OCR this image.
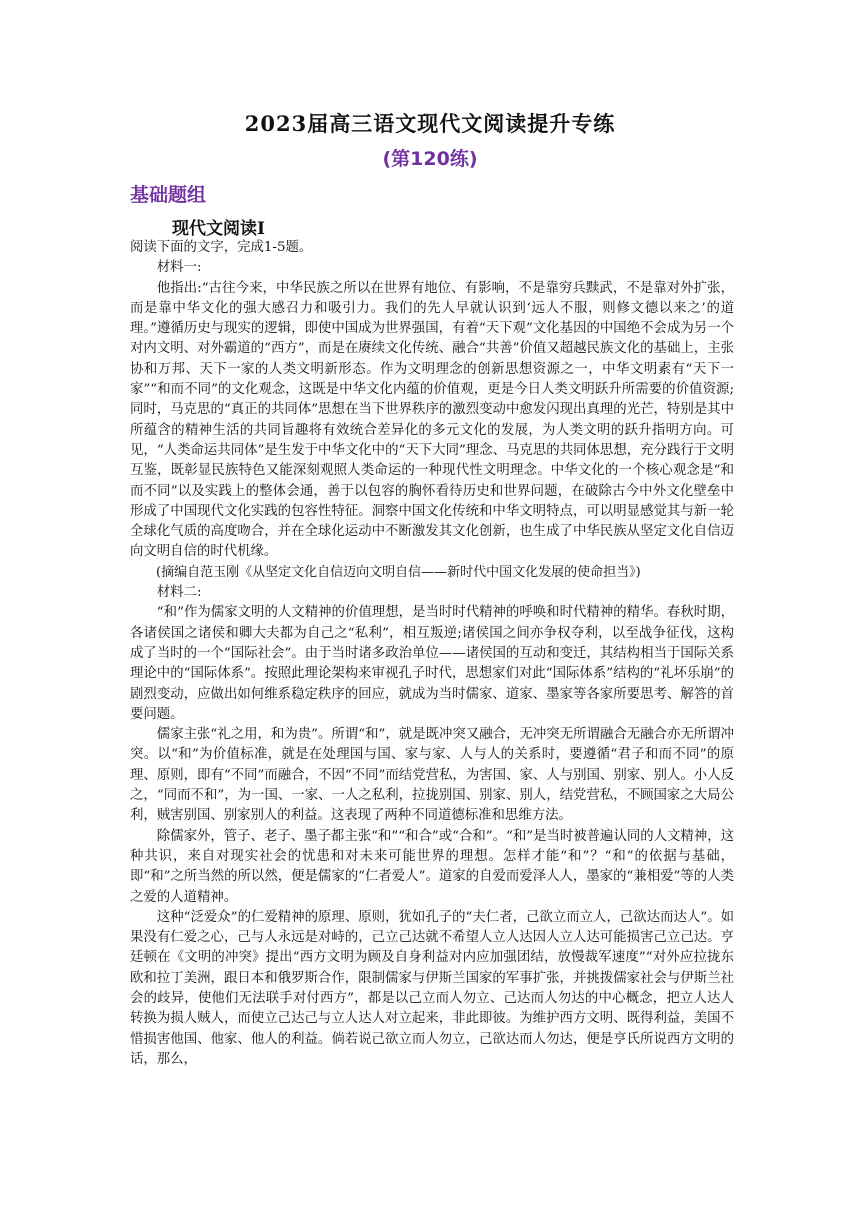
2023届高三语文现代文阅读提升专练
(第120练)
基础题组
现代文阅读Ⅰ

阅读下面的文字，完成1-5题。

材料一:

他指出:“古往今来，中华民族之所以在世界有地位、有影响，不是靠穷兵黩武，不是靠对外扩张，而是靠中华文化的强大感召力和吸引力。我们的先人早就认识到‘远人不服，则修文德以来之’的道理。”遵循历史与现实的逻辑，即使中国成为世界强国，有着“天下观”文化基因的中国绝不会成为另一个对内文明、对外霸道的“西方”，而是在赓续文化传统、融合“共善”价值又超越民族文化的基础上，主张协和万邦、天下一家的人类文明新形态。作为文明理念的创新思想资源之一，中华文明素有“天下一家”“和而不同”的文化观念，这既是中华文化内蕴的价值观，更是今日人类文明跃升所需要的价值资源;同时，马克思的“真正的共同体”思想在当下世界秩序的激烈变动中愈发闪现出真理的光芒，特别是其中所蕴含的精神生活的共同旨趣将有效统合差异化的多元文化的发展，为人类文明的跃升指明方向。可见，“人类命运共同体”是生发于中华文化中的“天下大同”理念、马克思的共同体思想，充分践行于文明互鉴，既彰显民族特色又能深刻观照人类命运的一种现代性文明理念。中华文化的一个核心观念是“和而不同”以及实践上的整体会通，善于以包容的胸怀看待历史和世界问题，在破除古今中外文化壁垒中形成了中国现代文化实践的包容性特征。洞察中国文化传统和中华文明特点，可以明显感觉其与新一轮全球化气质的高度吻合，并在全球化运动中不断激发其文化创新，也生成了中华民族从坚定文化自信迈向文明自信的时代机缘。

(摘编自范玉刚《从坚定文化自信迈向文明自信——新时代中国文化发展的使命担当》)

材料二:

“和”作为儒家文明的人文精神的价值理想，是当时时代精神的呼唤和时代精神的精华。春秋时期，各诸侯国之诸侯和卿大夫都为自己之“私利”，相互叛逆;诸侯国之间亦争权夺利，以至战争征伐，这构成了当时的一个“国际社会”。由于当时诸多政治单位——诸侯国的互动和变迁，其结构相当于国际关系理论中的“国际体系”。按照此理论架构来审视孔子时代，思想家们对此“国际体系”结构的“礼坏乐崩”的剧烈变动，应做出如何维系稳定秩序的回应，就成为当时儒家、道家、墨家等各家所要思考、解答的首要问题。

儒家主张“礼之用，和为贵”。所谓“和”，就是既冲突又融合，无冲突无所谓融合无融合亦无所谓冲突。以“和”为价值标准，就是在处理国与国、家与家、人与人的关系时，要遵循“君子和而不同”的原理、原则，即有“不同”而融合，不因“不同”而结党营私，为害国、家、人与别国、别家、别人。小人反之，“同而不和”，为一国、一家、一人之私利，拉拢别国、别家、别人，结党营私，不顾国家之大局公利，贼害别国、别家别人的利益。这表现了两种不同道德标准和思维方法。

除儒家外，管子、老子、墨子都主张“和”“和合”或“合和”。“和”是当时被普遍认同的人文精神，这种共识，来自对现实社会的忧患和对未来可能世界的理想。怎样才能“和”？“和”的依据与基础，即“和”之所当然的所以然，便是儒家的“仁者爱人”。道家的自爱而爱泽人人，墨家的“兼相爱”等的人类之爱的人道精神。

这种“泛爱众”的仁爱精神的原理、原则，犹如孔子的“夫仁者，己欲立而立人，己欲达而达人”。如果没有仁爱之心，己与人永远是对峙的，己立己达就不希望人立人达因人立人达可能损害己立己达。亨廷顿在《文明的冲突》提出“西方文明为顾及自身利益对内应加强团结，放慢裁军速度”“对外应拉拢东欧和拉丁美洲，跟日本和俄罗斯合作，限制儒家与伊斯兰国家的军事扩张，并挑拨儒家社会与伊斯兰社会的歧异，使他们无法联手对付西方”，都是以己立而人勿立、己达而人勿达的中心概念，把立人达人转换为损人贼人，而使立己达己与立人达人对立起来，非此即彼。为维护西方文明、既得利益，美国不惜损害他国、他家、他人的利益。倘若说己欲立而人勿立，己欲达而人勿达，便是亨氏所说西方文明的话，那么，
